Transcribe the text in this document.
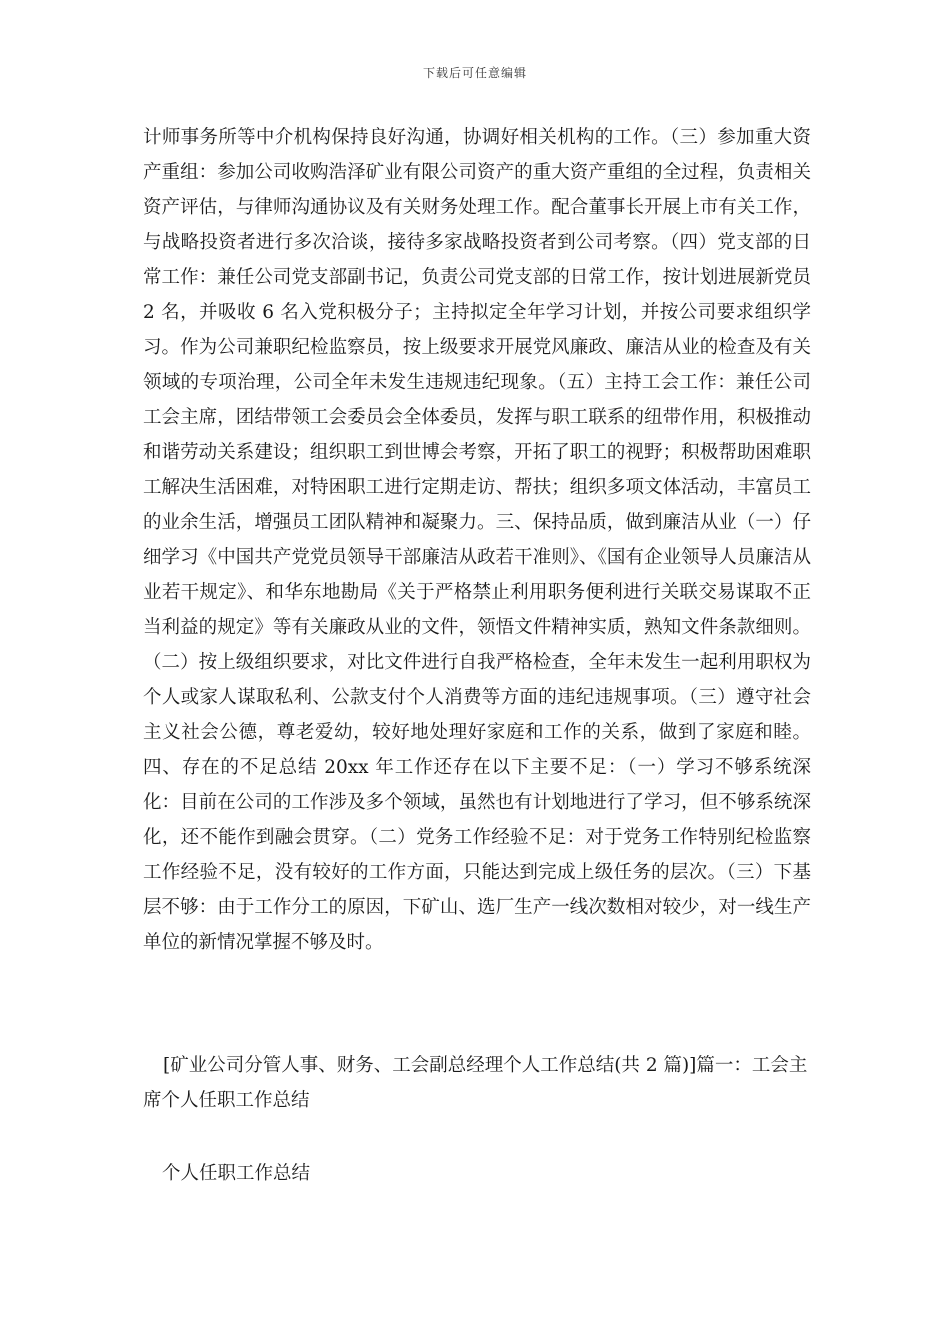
下载后可任意编辑

计师事务所等中介机构保持良好沟通，协调好相关机构的工作。（三）参加重大资产重组：参加公司收购浩泽矿业有限公司资产的重大资产重组的全过程，负责相关资产评估，与律师沟通协议及有关财务处理工作。配合董事长开展上市有关工作，与战略投资者进行多次洽谈，接待多家战略投资者到公司考察。（四）党支部的日常工作：兼任公司党支部副书记，负责公司党支部的日常工作，按计划进展新党员 2 名，并吸收 6 名入党积极分子；主持拟定全年学习计划，并按公司要求组织学习。作为公司兼职纪检监察员，按上级要求开展党风廉政、廉洁从业的检查及有关领域的专项治理，公司全年未发生违规违纪现象。（五）主持工会工作：兼任公司工会主席，团结带领工会委员会全体委员，发挥与职工联系的纽带作用，积极推动和谐劳动关系建设；组织职工到世博会考察，开拓了职工的视野；积极帮助困难职工解决生活困难，对特困职工进行定期走访、帮扶；组织多项文体活动，丰富员工的业余生活，增强员工团队精神和凝聚力。三、保持品质，做到廉洁从业（一）仔细学习《中国共产党党员领导干部廉洁从政若干准则》、《国有企业领导人员廉洁从业若干规定》、和华东地勘局《关于严格禁止利用职务便利进行关联交易谋取不正当利益的规定》等有关廉政从业的文件，领悟文件精神实质，熟知文件条款细则。（二）按上级组织要求，对比文件进行自我严格检查，全年未发生一起利用职权为个人或家人谋取私利、公款支付个人消费等方面的违纪违规事项。（三）遵守社会主义社会公德，尊老爱幼，较好地处理好家庭和工作的关系，做到了家庭和睦。四、存在的不足总结 20xx 年工作还存在以下主要不足：（一）学习不够系统深化：目前在公司的工作涉及多个领域，虽然也有计划地进行了学习，但不够系统深化，还不能作到融会贯穿。（二）党务工作经验不足：对于党务工作特别纪检监察工作经验不足，没有较好的工作方面，只能达到完成上级任务的层次。（三）下基层不够：由于工作分工的原因，下矿山、选厂生产一线次数相对较少，对一线生产单位的新情况掌握不够及时。

[矿业公司分管人事、财务、工会副总经理个人工作总结(共 2 篇)]篇一：工会主席个人任职工作总结

个人任职工作总结
